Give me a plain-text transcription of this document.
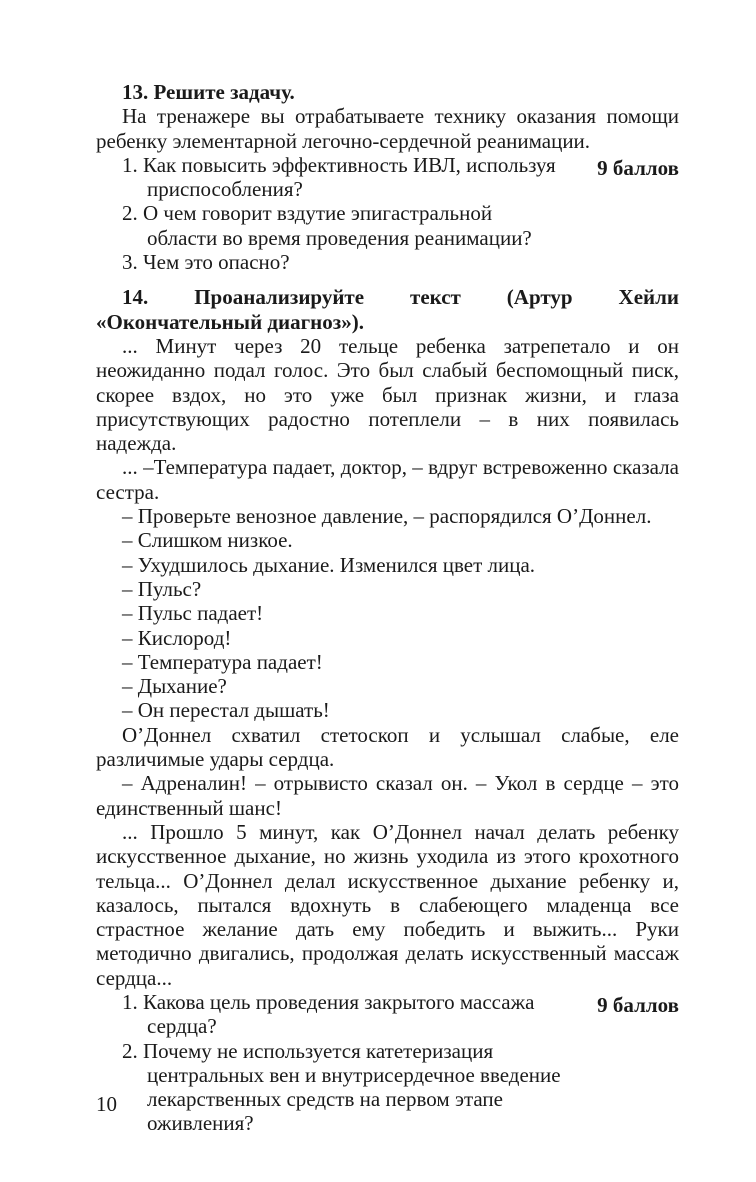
13. Решите задачу.

На тренажере вы отрабатываете технику оказания помощи ребенку элементарной легочно-сердечной реанимации.

9 баллов
1. Как повысить эффективность ИВЛ, используя приспособления?
2. О чем говорит вздутие эпигастральной области во время проведения реанимации?
3. Чем это опасно?

14. Проанализируйте текст (Артур Хейли «Окончательный диагноз»).

... Минут через 20 тельце ребенка затрепетало и он неожиданно подал голос. Это был слабый беспомощный писк, скорее вздох, но это уже был признак жизни, и глаза присутствующих радостно потеплели – в них появилась надежда.

... –Температура падает, доктор, – вдруг встревоженно сказала сестра.

– Проверьте венозное давление, – распорядился О’Доннел.

– Слишком низкое.

– Ухудшилось дыхание. Изменился цвет лица.

– Пульс?

– Пульс падает!

– Кислород!

– Температура падает!

– Дыхание?

– Он перестал дышать!

О’Доннел схватил стетоскоп и услышал слабые, еле различимые удары сердца.

– Адреналин! – отрывисто сказал он. – Укол в сердце – это единственный шанс!

... Прошло 5 минут, как О’Доннел начал делать ребенку искусственное дыхание, но жизнь уходила из этого крохотного тельца... О’Доннел делал искусственное дыхание ребенку и, казалось, пытался вдохнуть в слабеющего младенца все страстное желание дать ему победить и выжить... Руки методично двигались, продолжая делать искусственный массаж сердца...

9 баллов
1. Какова цель проведения закрытого массажа сердца?
2. Почему не используется катетеризация центральных вен и внутрисердечное введение лекарственных средств на первом этапе оживления?
10
